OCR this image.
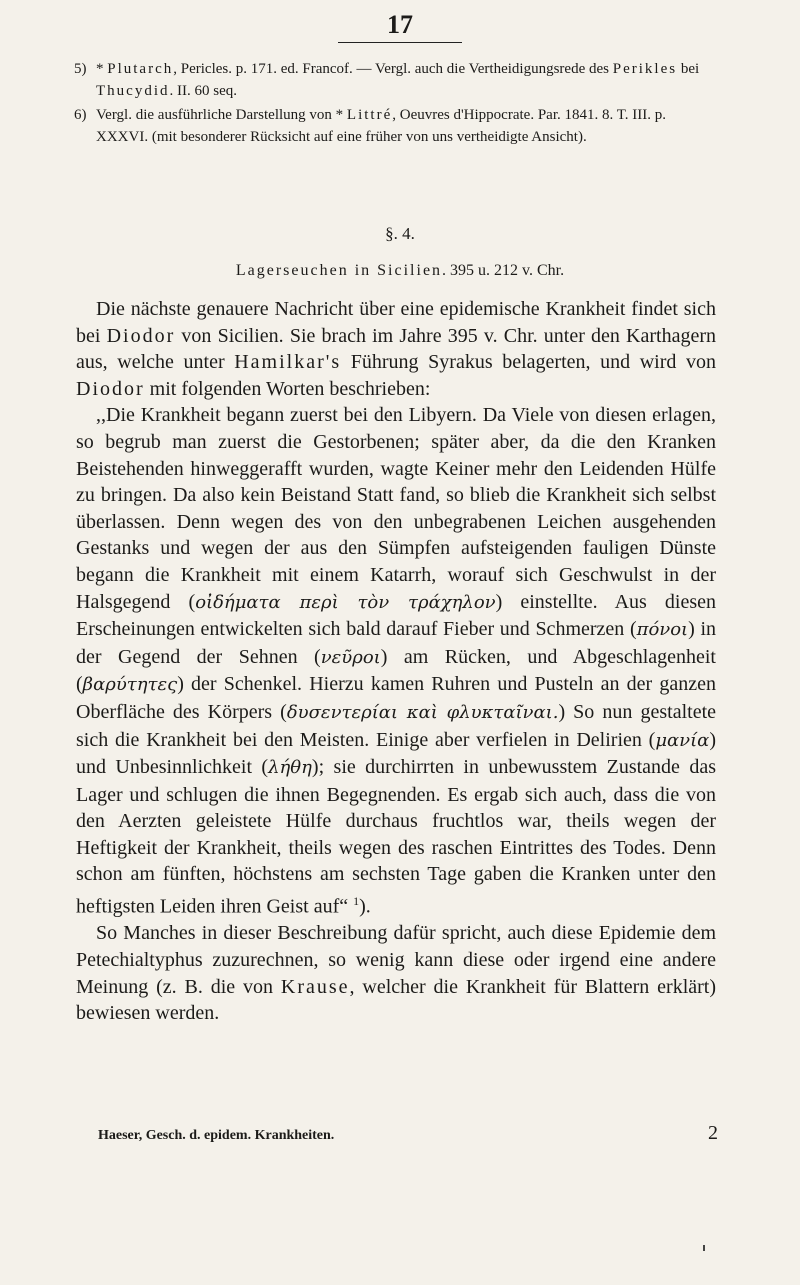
17

5) * Plutarch, Pericles. p. 171. ed. Francof. — Vergl. auch die Vertheidigungsrede des Perikles bei Thucydid. II. 60 seq.

6) Vergl. die ausführliche Darstellung von * Littré, Oeuvres d'Hippocrate. Par. 1841. 8. T. III. p. XXXVI. (mit besonderer Rücksicht auf eine früher von uns vertheidigte Ansicht).

§. 4.
Lagerseuchen in Sicilien. 395 u. 212 v. Chr.

Die nächste genauere Nachricht über eine epidemische Krankheit findet sich bei Diodor von Sicilien. Sie brach im Jahre 395 v. Chr. unter den Karthagern aus, welche unter Hamilkar's Führung Syrakus belagerten, und wird von Diodor mit folgenden Worten beschrieben:

,,Die Krankheit begann zuerst bei den Libyern. Da Viele von diesen erlagen, so begrub man zuerst die Gestorbenen; später aber, da die den Kranken Beistehenden hinweggerafft wurden, wagte Keiner mehr den Leidenden Hülfe zu bringen. Da also kein Beistand Statt fand, so blieb die Krankheit sich selbst überlassen. Denn wegen des von den unbegrabenen Leichen ausgehenden Gestanks und wegen der aus den Sümpfen aufsteigenden fauligen Dünste begann die Krankheit mit einem Katarrh, worauf sich Geschwulst in der Halsgegend (οἰδήματα περὶ τὸν τράχηλον) einstellte. Aus diesen Erscheinungen entwickelten sich bald darauf Fieber und Schmerzen (πόνοι) in der Gegend der Sehnen (νεῦροι) am Rücken, und Abgeschlagenheit (βαρύτητες) der Schenkel. Hierzu kamen Ruhren und Pusteln an der ganzen Oberfläche des Körpers (δυσεντερίαι καὶ φλυκταῖναι.) So nun gestaltete sich die Krankheit bei den Meisten. Einige aber verfielen in Delirien (μανία) und Unbesinnlichkeit (λήθη); sie durchirrten in unbewusstem Zustande das Lager und schlugen die ihnen Begegnenden. Es ergab sich auch, dass die von den Aerzten geleistete Hülfe durchaus fruchtlos war, theils wegen der Heftigkeit der Krankheit, theils wegen des raschen Eintrittes des Todes. Denn schon am fünften, höchstens am sechsten Tage gaben die Kranken unter den heftigsten Leiden ihren Geist auf“ $^1$).

So Manches in dieser Beschreibung dafür spricht, auch diese Epidemie dem Petechialtyphus zuzurechnen, so wenig kann diese oder irgend eine andere Meinung (z. B. die von Krause, welcher die Krankheit für Blattern erklärt) bewiesen werden.

Haeser, Gesch. d. epidem. Krankheiten.	2
